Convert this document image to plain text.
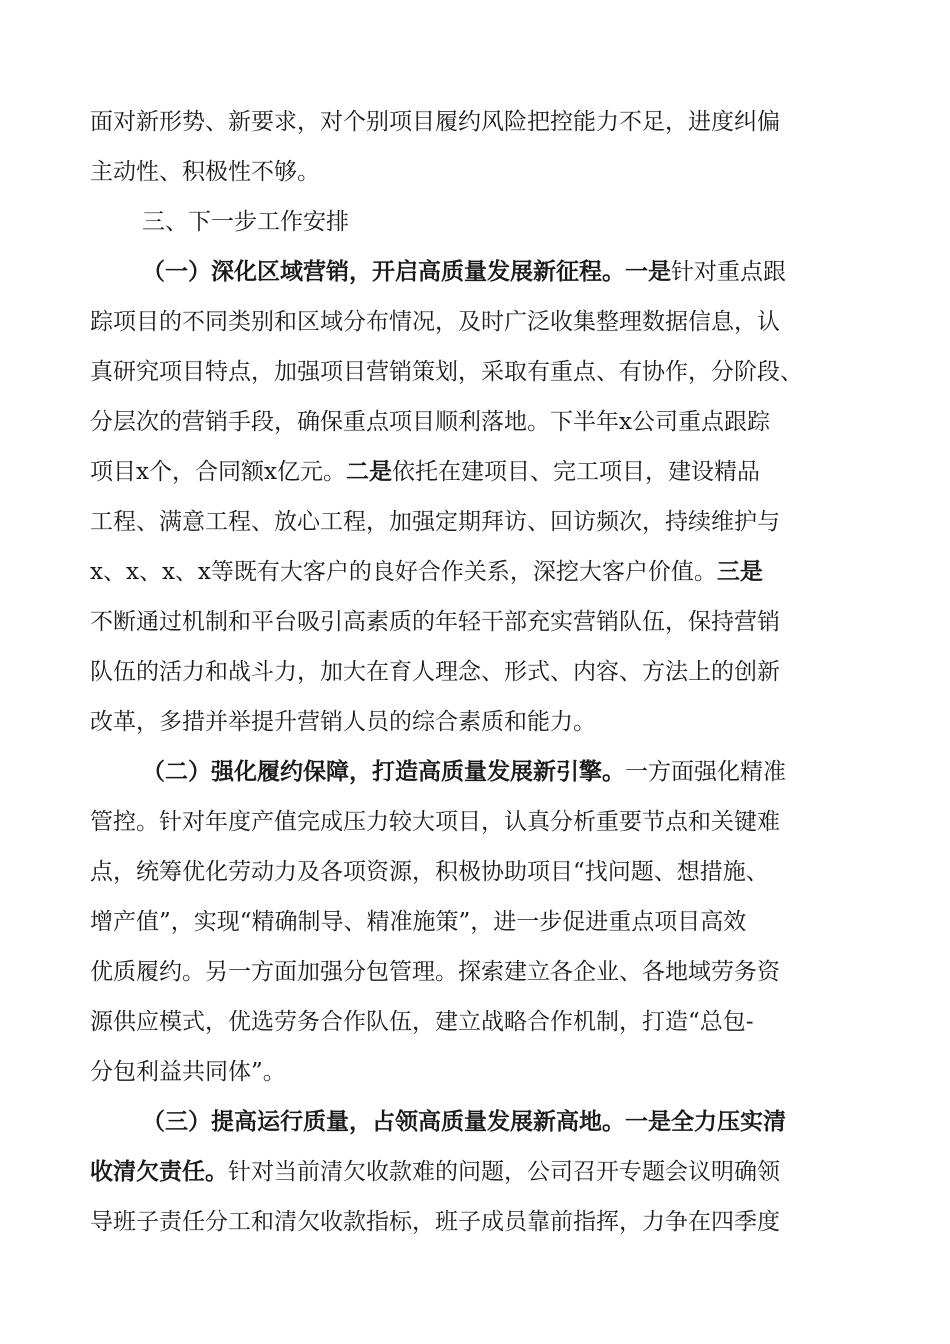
面对新形势、新要求，对个别项目履约风险把控能力不足，进度纠偏
主动性、积极性不够。
三、下一步工作安排
（一）深化区域营销，开启高质量发展新征程。一是针对重点跟
踪项目的不同类别和区域分布情况，及时广泛收集整理数据信息，认
真研究项目特点，加强项目营销策划，采取有重点、有协作，分阶段、
分层次的营销手段，确保重点项目顺利落地。下半年x公司重点跟踪
项目x个，合同额x亿元。二是依托在建项目、完工项目，建设精品
工程、满意工程、放心工程，加强定期拜访、回访频次，持续维护与
x、x、x、x等既有大客户的良好合作关系，深挖大客户价值。三是
不断通过机制和平台吸引高素质的年轻干部充实营销队伍，保持营销
队伍的活力和战斗力，加大在育人理念、形式、内容、方法上的创新
改革，多措并举提升营销人员的综合素质和能力。
（二）强化履约保障，打造高质量发展新引擎。一方面强化精准
管控。针对年度产值完成压力较大项目，认真分析重要节点和关键难
点，统筹优化劳动力及各项资源，积极协助项目“找问题、想措施、
增产值”，实现“精确制导、精准施策”，进一步促进重点项目高效
优质履约。另一方面加强分包管理。探索建立各企业、各地域劳务资
源供应模式，优选劳务合作队伍，建立战略合作机制，打造“总包-
分包利益共同体”。
（三）提高运行质量，占领高质量发展新高地。一是全力压实清
收清欠责任。针对当前清欠收款难的问题，公司召开专题会议明确领
导班子责任分工和清欠收款指标，班子成员靠前指挥，力争在四季度
